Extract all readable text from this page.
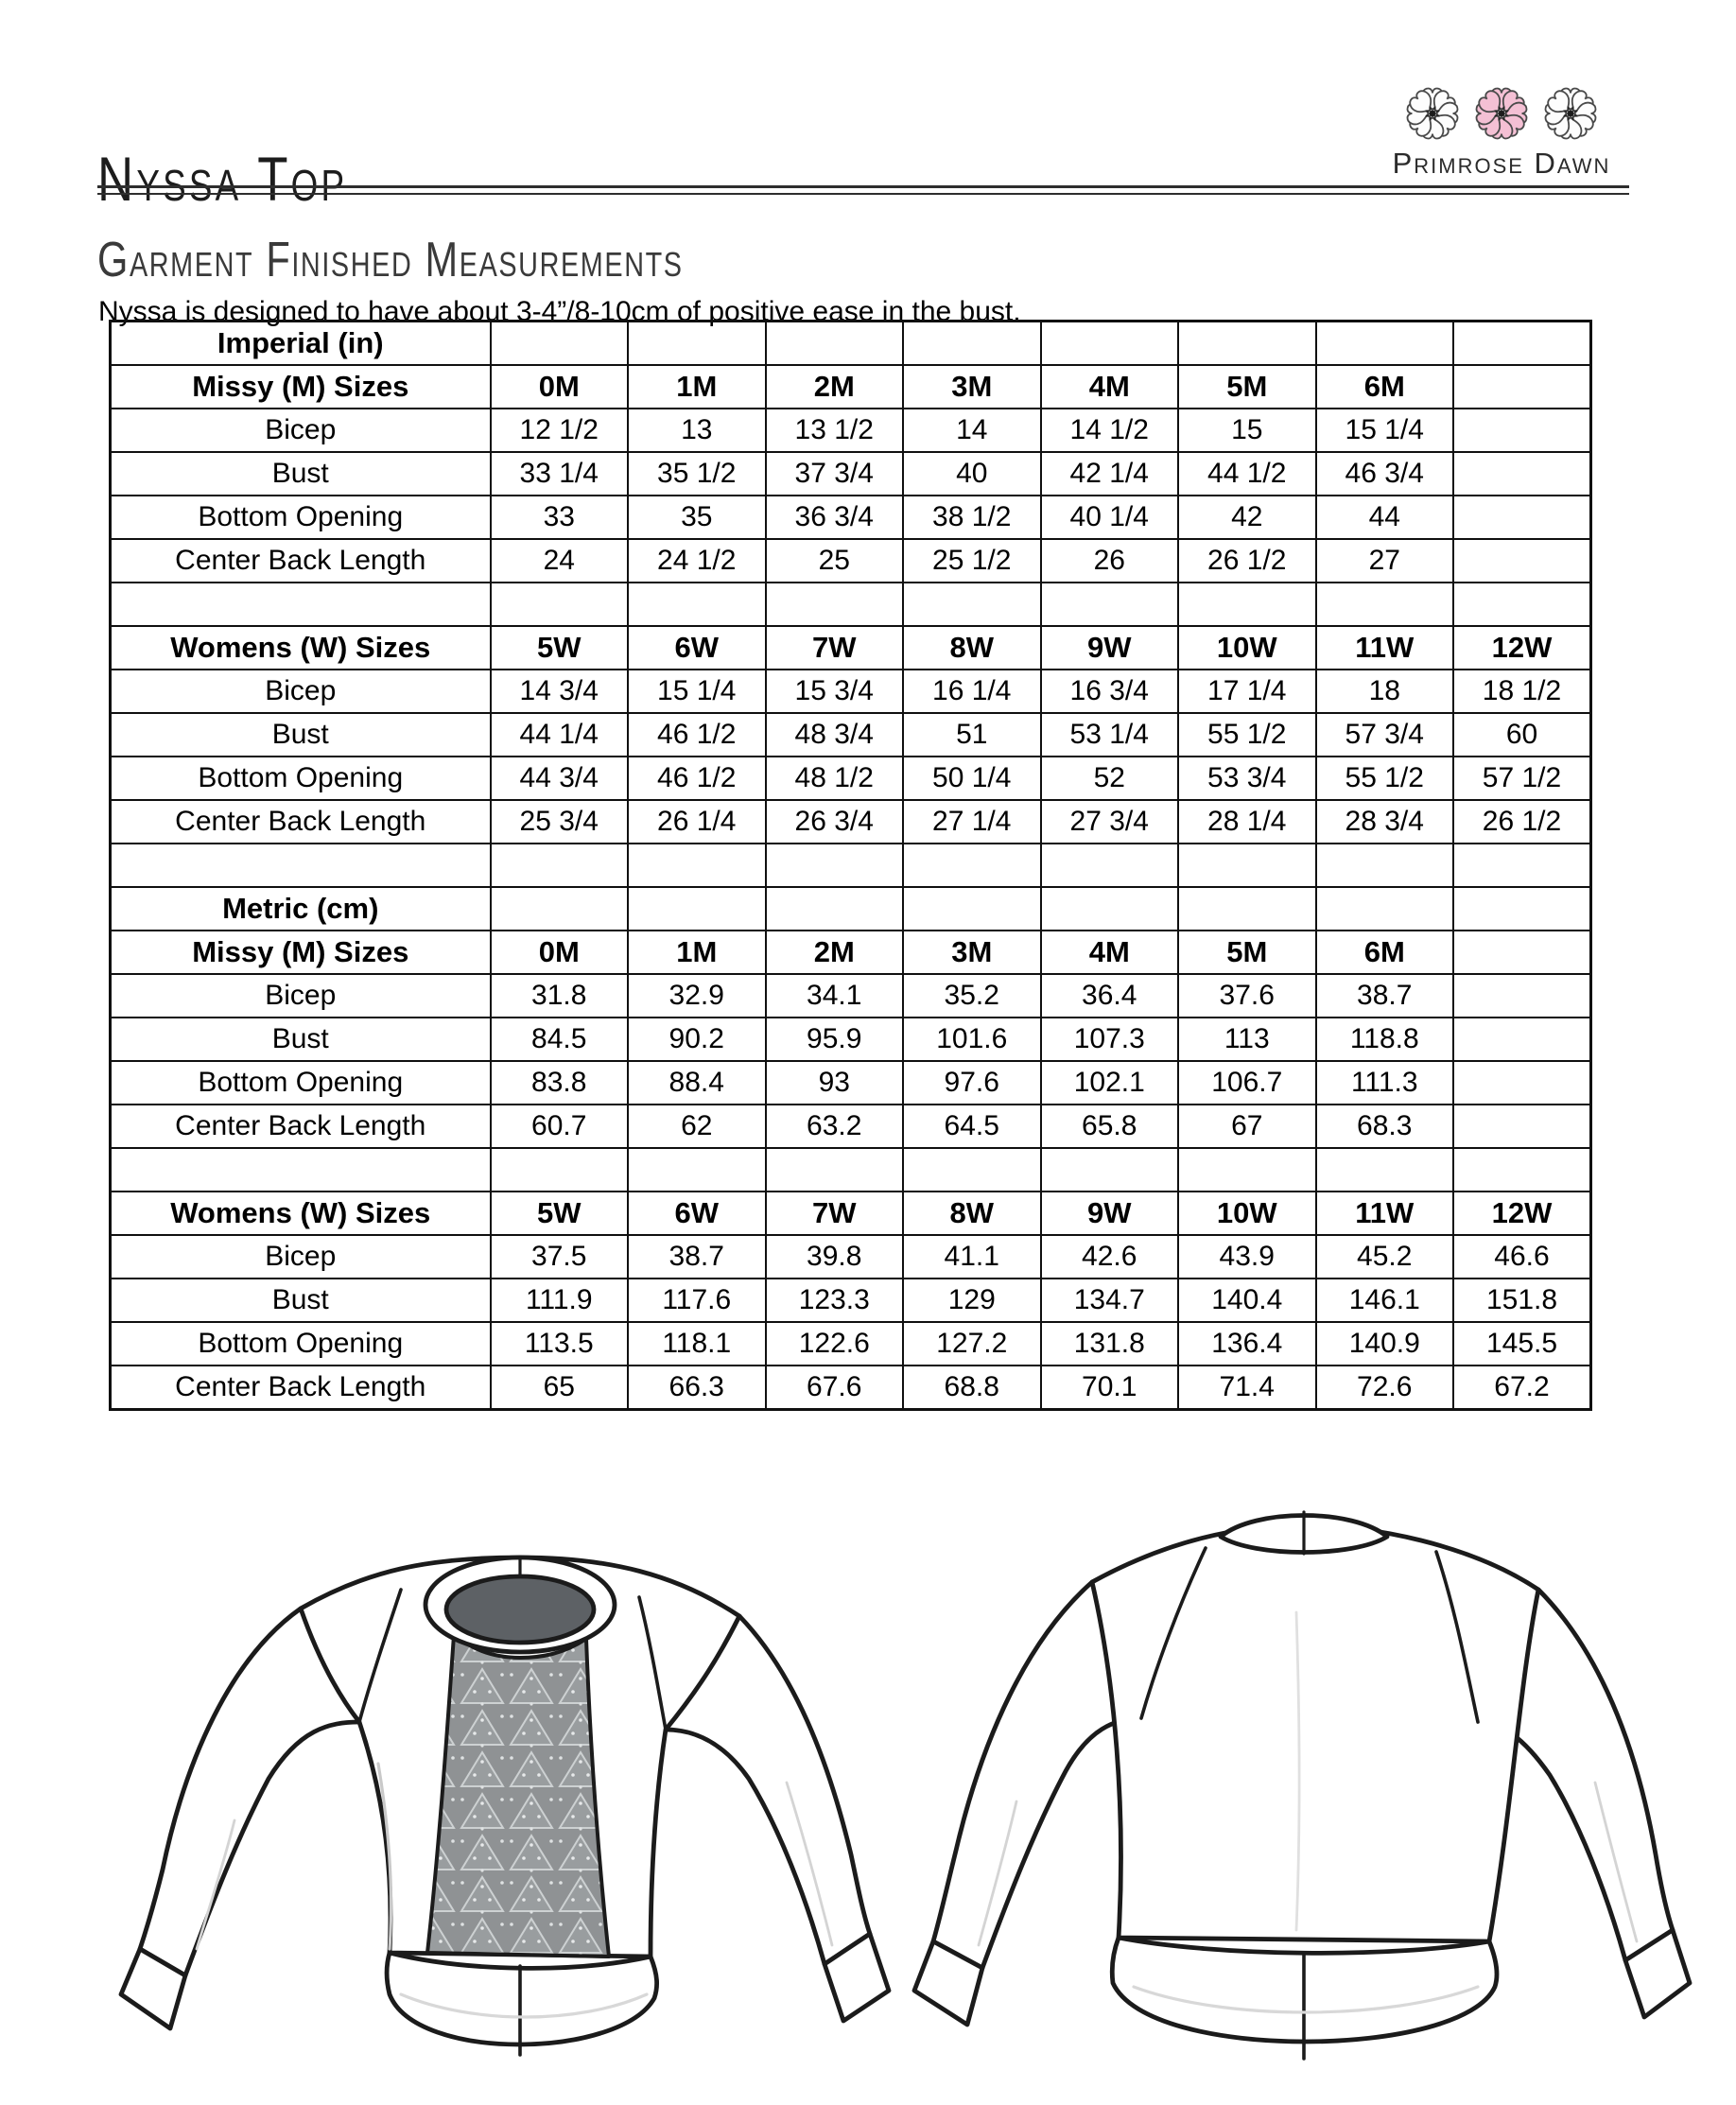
Nyssa Top	Primrose Dawn
Garment Finished Measurements

Nyssa is designed to have about 3-4”/8-10cm of positive ease in the bust.

Imperial (in)								
Missy (M) Sizes	0M	1M	2M	3M	4M	5M	6M	
Bicep	12 1/2	13	13 1/2	14	14 1/2	15	15 1/4	
Bust	33 1/4	35 1/2	37 3/4	40	42 1/4	44 1/2	46 3/4	
Bottom Opening	33	35	36 3/4	38 1/2	40 1/4	42	44	
Center Back Length	24	24 1/2	25	25 1/2	26	26 1/2	27	

Womens (W) Sizes	5W	6W	7W	8W	9W	10W	11W	12W
Bicep	14 3/4	15 1/4	15 3/4	16 1/4	16 3/4	17 1/4	18	18 1/2
Bust	44 1/4	46 1/2	48 3/4	51	53 1/4	55 1/2	57 3/4	60
Bottom Opening	44 3/4	46 1/2	48 1/2	50 1/4	52	53 3/4	55 1/2	57 1/2
Center Back Length	25 3/4	26 1/4	26 3/4	27 1/4	27 3/4	28 1/4	28 3/4	26 1/2

Metric (cm)								
Missy (M) Sizes	0M	1M	2M	3M	4M	5M	6M	
Bicep	31.8	32.9	34.1	35.2	36.4	37.6	38.7	
Bust	84.5	90.2	95.9	101.6	107.3	113	118.8	
Bottom Opening	83.8	88.4	93	97.6	102.1	106.7	111.3	
Center Back Length	60.7	62	63.2	64.5	65.8	67	68.3	

Womens (W) Sizes	5W	6W	7W	8W	9W	10W	11W	12W
Bicep	37.5	38.7	39.8	41.1	42.6	43.9	45.2	46.6
Bust	111.9	117.6	123.3	129	134.7	140.4	146.1	151.8
Bottom Opening	113.5	118.1	122.6	127.2	131.8	136.4	140.9	145.5
Center Back Length	65	66.3	67.6	68.8	70.1	71.4	72.6	67.2
